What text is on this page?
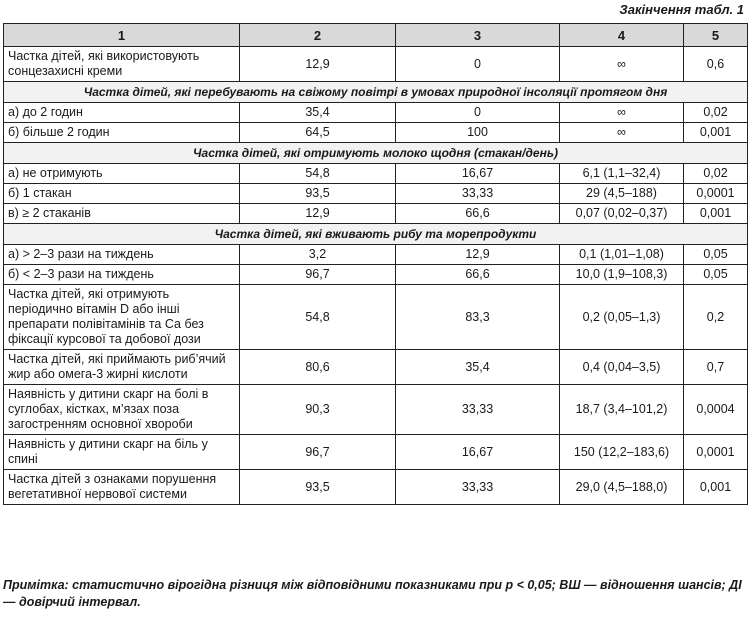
Закінчення табл. 1
1	2	3	4	5
Частка дітей, які використовують сонцезахисні креми	12,9	0	∞	0,6
Частка дітей, які перебувають на свіжому повітрі в умовах природної інсоляції протягом дня				
а) до 2 годин	35,4	0	∞	0,02
б) більше 2 годин	64,5	100	∞	0,001
Частка дітей, які отримують молоко щодня (стакан/день)				
а) не отримують	54,8	16,67	6,1 (1,1–32,4)	0,02
б) 1 стакан	93,5	33,33	29 (4,5–188)	0,0001
в) ≥ 2 стаканів	12,9	66,6	0,07 (0,02–0,37)	0,001
Частка дітей, які вживають рибу та морепродукти				
а) > 2–3 рази на тиждень	3,2	12,9	0,1 (1,01–1,08)	0,05
б) < 2–3 рази на тиждень	96,7	66,6	10,0 (1,9–108,3)	0,05
Частка дітей, які отримують періодично вітамін D або інші препарати полівітамінів та Са без фіксації курсової та добової дози	54,8	83,3	0,2 (0,05–1,3)	0,2
Частка дітей, які приймають риб’ячий жир або омега-3 жирні кислоти	80,6	35,4	0,4 (0,04–3,5)	0,7
Наявність у дитини скарг на болі в суглобах, кістках, м’язах поза загостренням основної хвороби	90,3	33,33	18,7 (3,4–101,2)	0,0004
Наявність у дитини скарг на біль у спині	96,7	16,67	150 (12,2–183,6)	0,0001
Частка дітей з ознаками порушення вегетативної нервової системи	93,5	33,33	29,0 (4,5–188,0)	0,001
Примітка: статистично вірогідна різниця між відповідними показниками при p < 0,05; ВШ — відношення шансів; ДІ — довірчий інтервал.
